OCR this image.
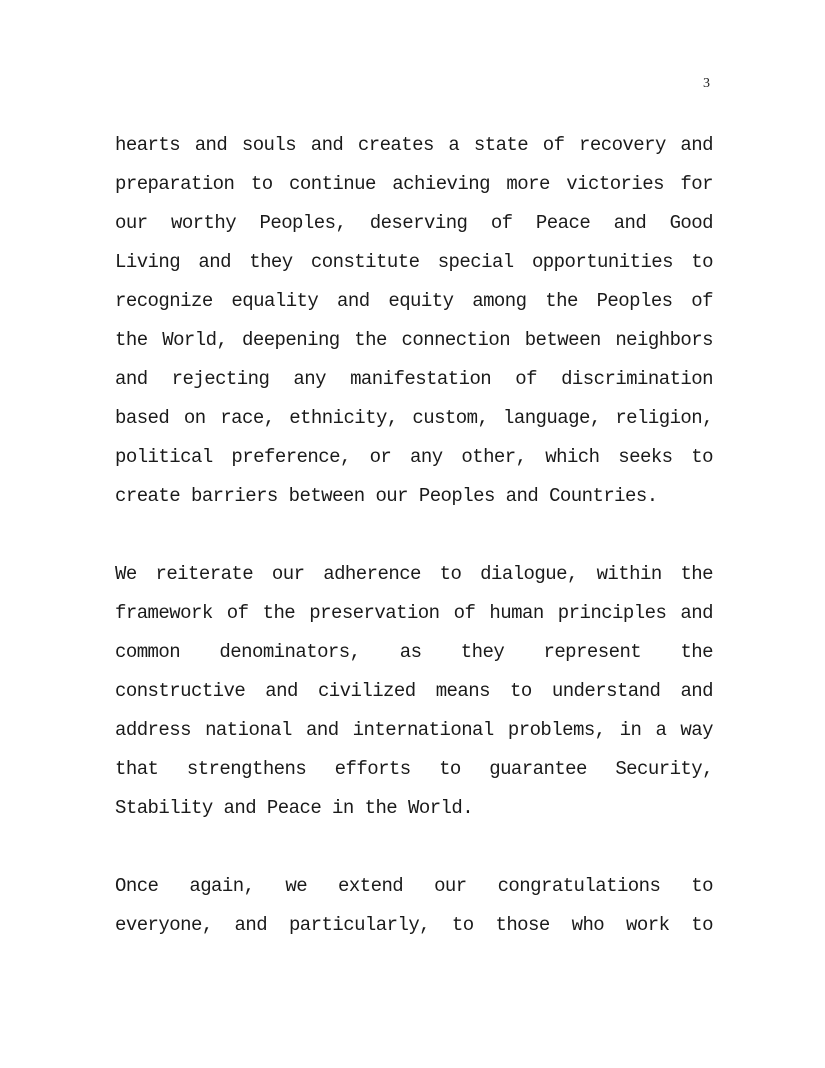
3
hearts and souls and creates a state of recovery and
preparation to continue achieving more victories for
our worthy Peoples, deserving of Peace and Good
Living and they constitute special opportunities to
recognize equality and equity among the Peoples of
the World, deepening the connection between neighbors
and rejecting any manifestation of discrimination
based on race, ethnicity, custom, language, religion,
political preference, or any other, which seeks to
create barriers between our Peoples and Countries.
We reiterate our adherence to dialogue, within the
framework of the preservation of human principles and
common denominators, as they represent the
constructive and civilized means to understand and
address national and international problems, in a way
that strengthens efforts to guarantee Security,
Stability and Peace in the World.
Once again, we extend our congratulations to
everyone, and particularly, to those who work to
